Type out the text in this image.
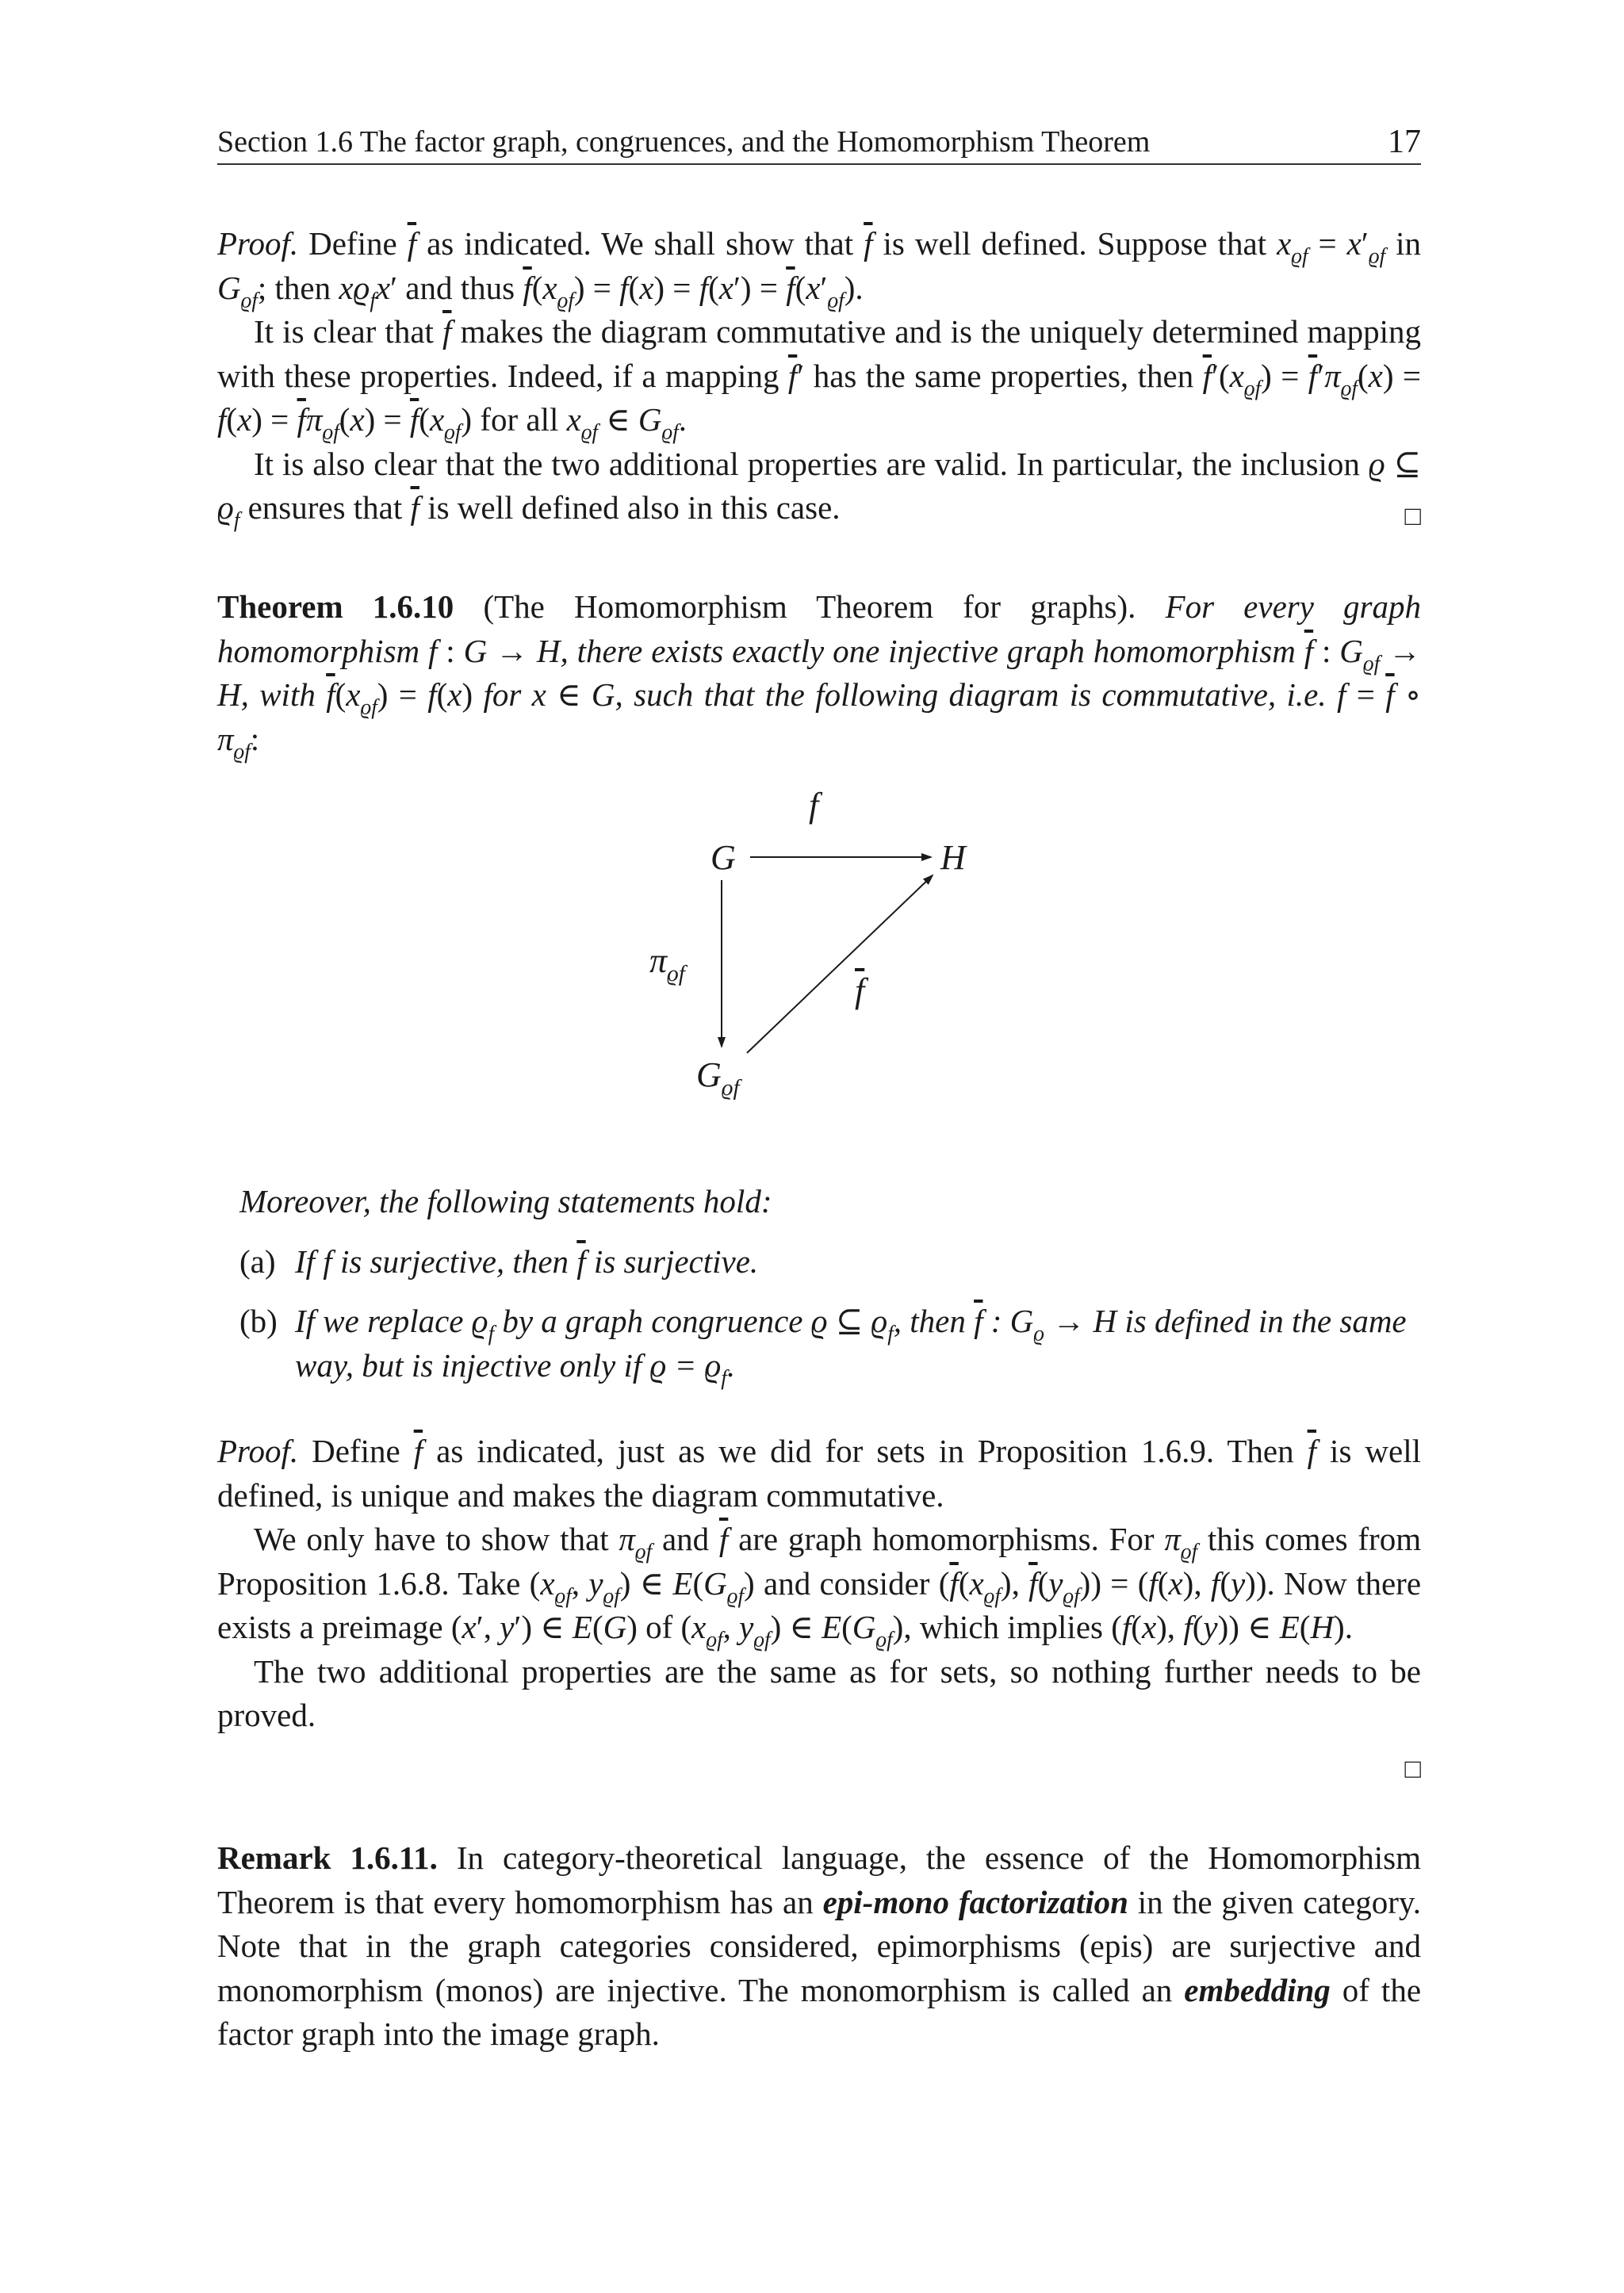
Section 1.6 The factor graph, congruences, and the Homomorphism Theorem	17

Proof. Define $\overline{f}$ as indicated. We shall show that $\overline{f}$ is well defined. Suppose that $x_{ϱf} = x'_{ϱf}$ in $G_{ϱf}$; then $xϱ_fx'$ and thus $\overline{f}(x_{ϱf}) = f(x) = f(x') = \overline{f}(x'_{ϱf})$.

It is clear that $\overline{f}$ makes the diagram commutative and is the uniquely determined mapping with these properties. Indeed, if a mapping $\overline{f}'$ has the same properties, then $\overline{f}'(x_{ϱf}) = \overline{f}'\pi_{ϱf}(x) = f(x) = \overline{f}\pi_{ϱf}(x) = \overline{f}(x_{ϱf})$ for all $x_{ϱf}$ ∈ $G_{ϱf}$.

It is also clear that the two additional properties are valid. In particular, the inclusion ϱ ⊆ $ϱ_f$ ensures that $\overline{f}$ is well defined also in this case.	□

Theorem 1.6.10 (The Homomorphism Theorem for graphs). For every graph homomorphism f : G → H, there exists exactly one injective graph homomorphism $\overline{f}$ : $G_{ϱf} \to H$, with $\overline{f}(x_{ϱf}) = f(x)$ for x ∈ G, such that the following diagram is commutative, i.e. $f = \overline{f}$ ∘ $\pi_{ϱf}$:

G	H
$G_{ϱf}$
f
$\pi_{ϱf}$	$\overline{f}$

Moreover, the following statements hold:

(a) If f is surjective, then $\overline{f}$ is surjective.

(b) If we replace $ϱ_f$ by a graph congruence ϱ ⊆ $ϱ_f$, then $\overline{f}$ : $G_ϱ \to H$ is defined in the same way, but is injective only if $ϱ = ϱ_f$.

Proof. Define $\overline{f}$ as indicated, just as we did for sets in Proposition 1.6.9. Then $\overline{f}$ is well defined, is unique and makes the diagram commutative.

We only have to show that $\pi_{ϱf}$ and $\overline{f}$ are graph homomorphisms. For $\pi_{ϱf}$ this comes from Proposition 1.6.8. Take ($x_{ϱf}$, $y_{ϱf}$) ∈ $E(G_{ϱf})$ and consider ($\overline{f}(x_{ϱf})$, $\overline{f}(y_{ϱf})) = (f(x)$, f(y)). Now there exists a preimage (x′, y′) ∈ E(G) of ($x_{ϱf}$, $y_{ϱf}$) ∈ $E(G_{ϱf})$, which implies (f(x), f(y)) ∈ E(H).

The two additional properties are the same as for sets, so nothing further needs to be proved.

□

Remark 1.6.11. In category-theoretical language, the essence of the Homomorphism Theorem is that every homomorphism has an epi-mono factorization in the given category. Note that in the graph categories considered, epimorphisms (epis) are surjective and monomorphism (monos) are injective. The monomorphism is called an embedding of the factor graph into the image graph.
